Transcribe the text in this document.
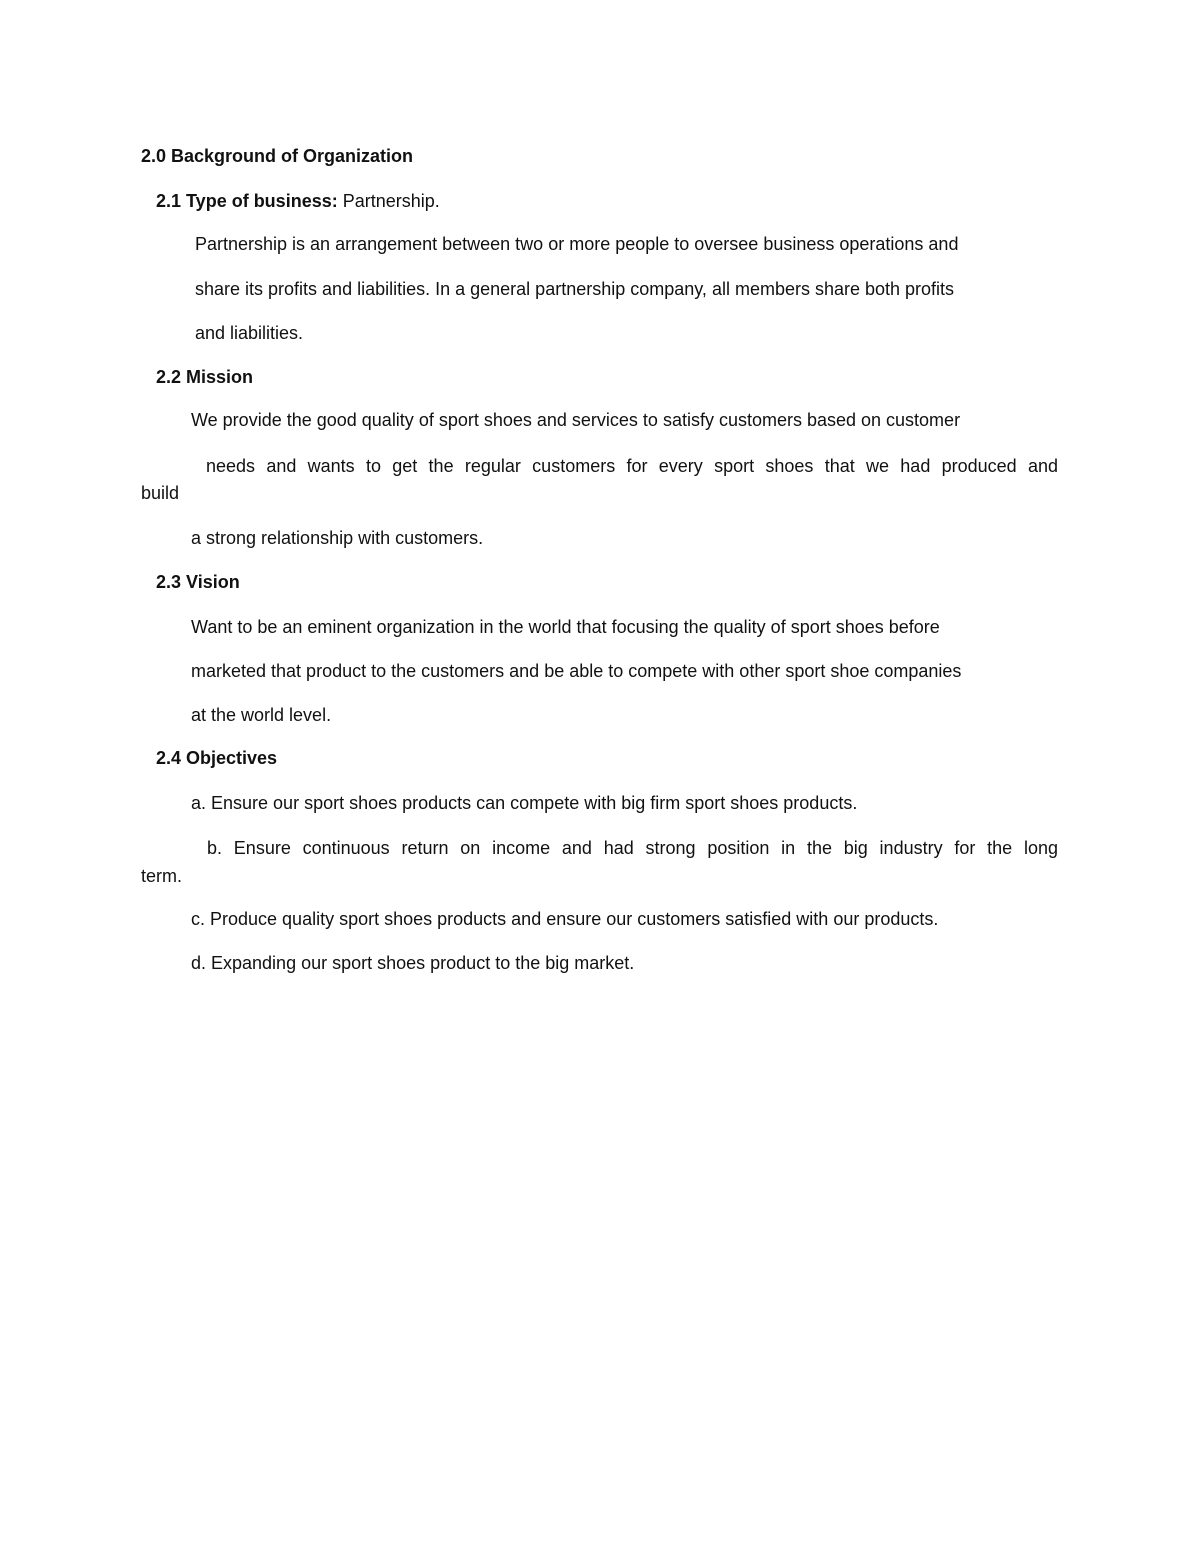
2.0 Background of Organization
2.1 Type of business: Partnership.
Partnership is an arrangement between two or more people to oversee business operations and
share its profits and liabilities. In a general partnership company, all members share both profits
and liabilities.
2.2 Mission
We provide the good quality of sport shoes and services to satisfy customers based on customer
needs and wants to get the regular customers for every sport shoes that we had produced and
build
a strong relationship with customers.
2.3 Vision
Want to be an eminent organization in the world that focusing the quality of sport shoes before
marketed that product to the customers and be able to compete with other sport shoe companies
at the world level.
2.4 Objectives
a. Ensure our sport shoes products can compete with big firm sport shoes products.
b. Ensure continuous return on income and had strong position in the big industry for the long
term.
c. Produce quality sport shoes products and ensure our customers satisfied with our products.
d. Expanding our sport shoes product to the big market.
